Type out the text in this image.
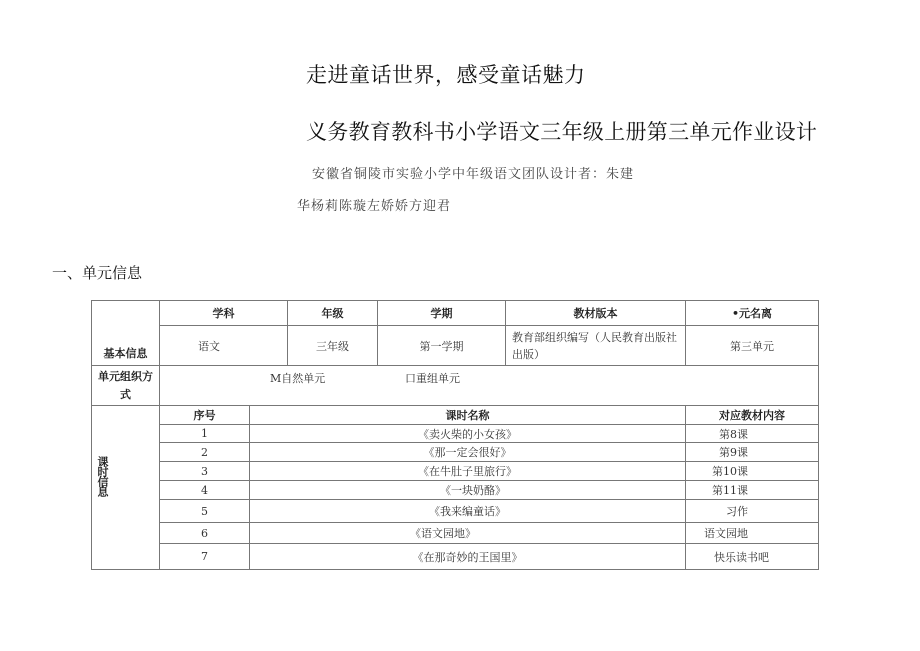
走进童话世界，感受童话魅力
义务教育教科书小学语文三年级上册第三单元作业设计
安徽省铜陵市实验小学中年级语文团队设计者：朱建
华杨莉陈璇左娇娇方迎君
一、单元信息
基本信息	学科		年级	学期	教材版本	•元名离
	语文		三年级	第一学期	教育部组织编写（人民教育出版社出版）	第三单元
单元组织方式	M自然单元 口重组单元					

课时信息	序号	课时名称				对应教材内容
	1	《卖火柴的小女孩》				第8课
	2	《那一定会很好》				第9课
	3	《在牛肚子里旅行》				第10课
	4	《一块奶酪》				第11课
	5	《我来编童话》				习作
	6	《语文园地》				语文园地
	7	《在那奇妙的王国里》				快乐读书吧
